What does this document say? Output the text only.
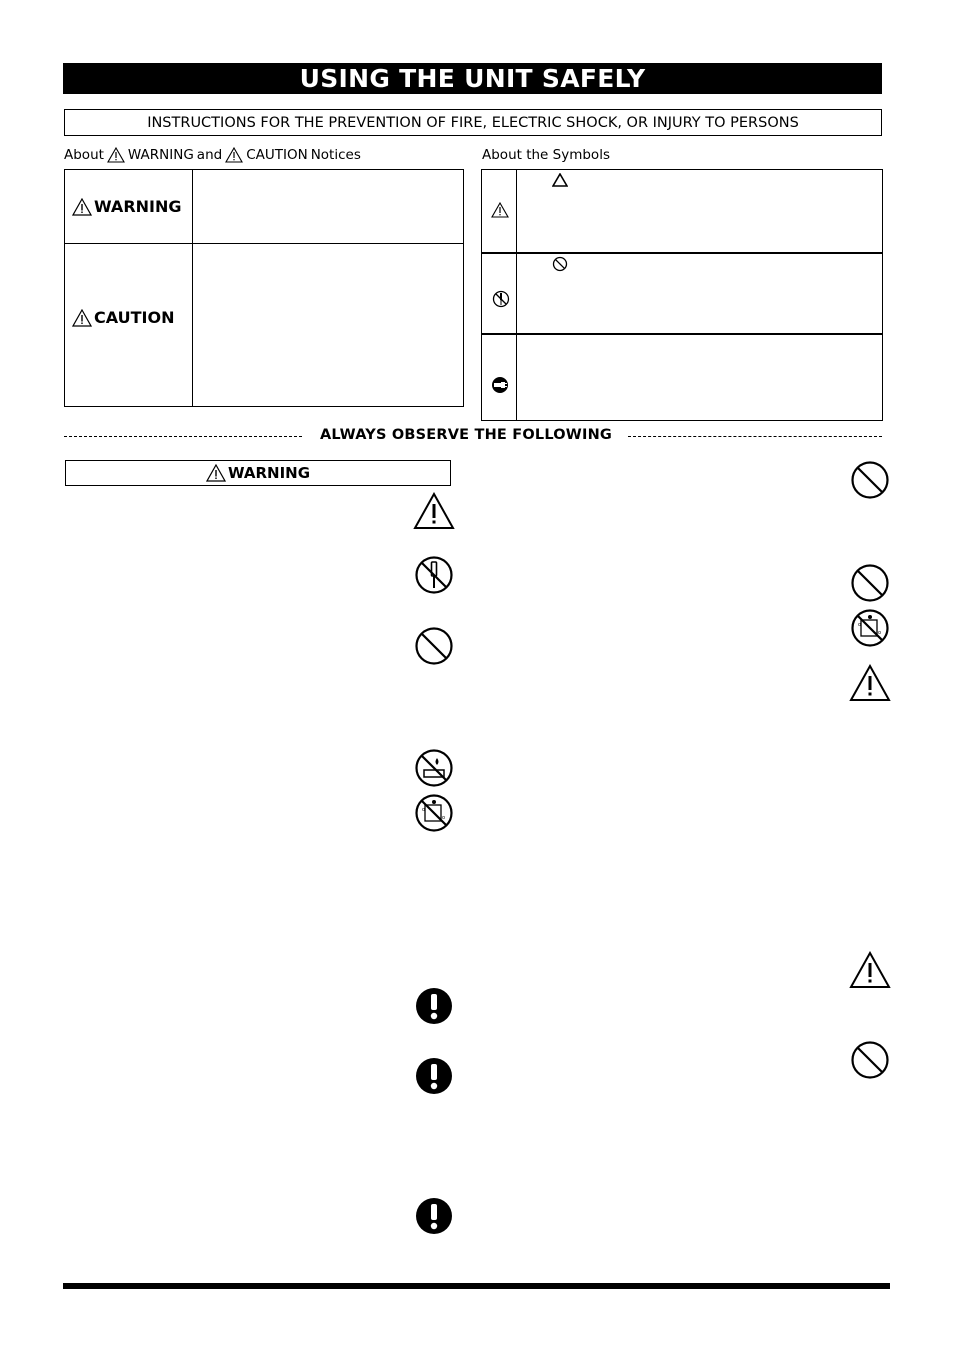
USING THE UNIT SAFELY
INSTRUCTIONS FOR THE PREVENTION OF FIRE, ELECTRIC SHOCK, OR INJURY TO PERSONS
About WARNING and CAUTION Notices	About the Symbols
WARNING
CAUTION
ALWAYS OBSERVE THE FOLLOWING
WARNING
o
o
o
o
